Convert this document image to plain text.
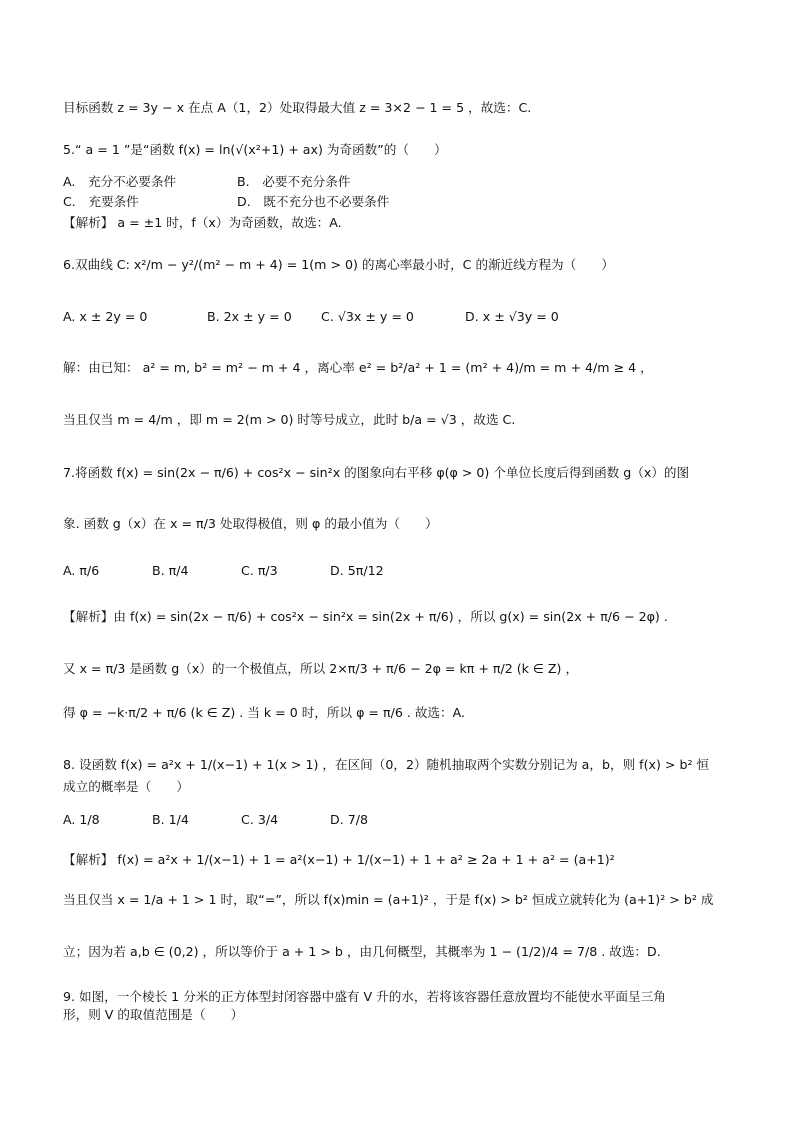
目标函数 z = 3y − x 在点 A（1，2）处取得最大值 z = 3×2 − 1 = 5 ，故选：C.
5.“ a = 1 ”是“函数 f(x) = ln(√(x²+1) + ax) 为奇函数”的（　　）
A.　充分不必要条件	B.　必要不充分条件
C.　充要条件	D.　既不充分也不必要条件
【解析】 a = ±1 时，f（x）为奇函数，故选：A.
6.双曲线 C: x²/m − y²/(m² − m + 4) = 1(m > 0) 的离心率最小时，C 的渐近线方程为（　　）
A. x ± 2y = 0	B. 2x ± y = 0 C. √3x ± y = 0	D. x ± √3y = 0
解：由已知： a² = m, b² = m² − m + 4 ，离心率 e² = b²/a² + 1 = (m² + 4)/m = m + 4/m ≥ 4 ，
当且仅当 m = 4/m ，即 m = 2(m > 0) 时等号成立，此时 b/a = √3 ，故选 C.
7.将函数 f(x) = sin(2x − π/6) + cos²x − sin²x 的图象向右平移 φ(φ > 0) 个单位长度后得到函数 g（x）的图
象. 函数 g（x）在 x = π/3 处取得极值，则 φ 的最小值为（　　）
A. π/6	B. π/4	C. π/3	D. 5π/12
【解析】由 f(x) = sin(2x − π/6) + cos²x − sin²x = sin(2x + π/6) ，所以 g(x) = sin(2x + π/6 − 2φ) .
又 x = π/3 是函数 g（x）的一个极值点，所以 2×π/3 + π/6 − 2φ = kπ + π/2 (k ∈ Z) ，
得 φ = −k·π/2 + π/6 (k ∈ Z) . 当 k = 0 时，所以 φ = π/6 . 故选：A.
8. 设函数 f(x) = a²x + 1/(x−1) + 1(x > 1) ，在区间（0，2）随机抽取两个实数分别记为 a，b，则 f(x) > b² 恒
成立的概率是（　　）
A. 1/8	B. 1/4	C. 3/4	D. 7/8
【解析】 f(x) = a²x + 1/(x−1) + 1 = a²(x−1) + 1/(x−1) + 1 + a² ≥ 2a + 1 + a² = (a+1)²
当且仅当 x = 1/a + 1 > 1 时，取“=”，所以 f(x)min = (a+1)² ，于是 f(x) > b² 恒成立就转化为 (a+1)² > b² 成
立；因为若 a,b ∈ (0,2) ，所以等价于 a + 1 > b ，由几何概型，其概率为 1 − (1/2)/4 = 7/8 . 故选：D.
9. 如图，一个棱长 1 分米的正方体型封闭容器中盛有 V 升的水，若将该容器任意放置均不能使水平面呈三角
形，则 V 的取值范围是（　　）
